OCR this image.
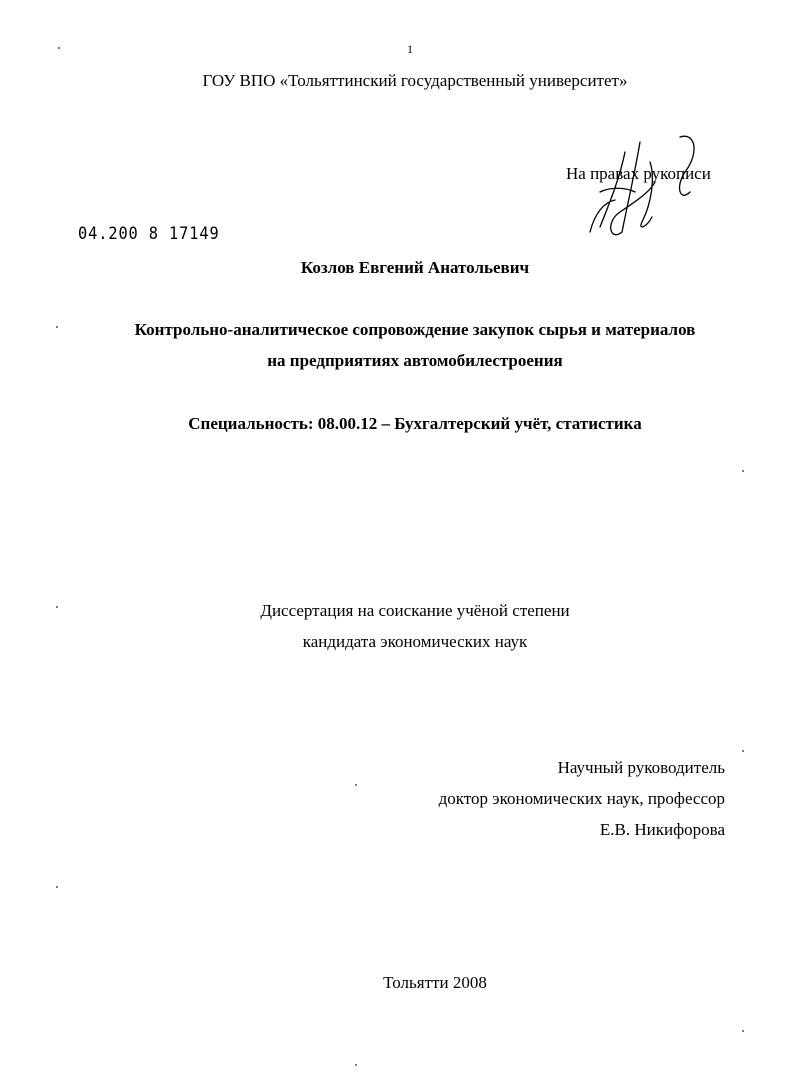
1
ГОУ ВПО «Тольяттинский государственный университет»
На правах рукописи
04.200 8 17149
Козлов Евгений Анатольевич
Контрольно-аналитическое сопровождение закупок сырья и материалов
на предприятиях автомобилестроения
Специальность: 08.00.12 – Бухгалтерский учёт, статистика
Диссертация на соискание учёной степени
кандидата экономических наук
Научный руководитель
доктор экономических наук, профессор
Е.В. Никифорова
Тольятти 2008
